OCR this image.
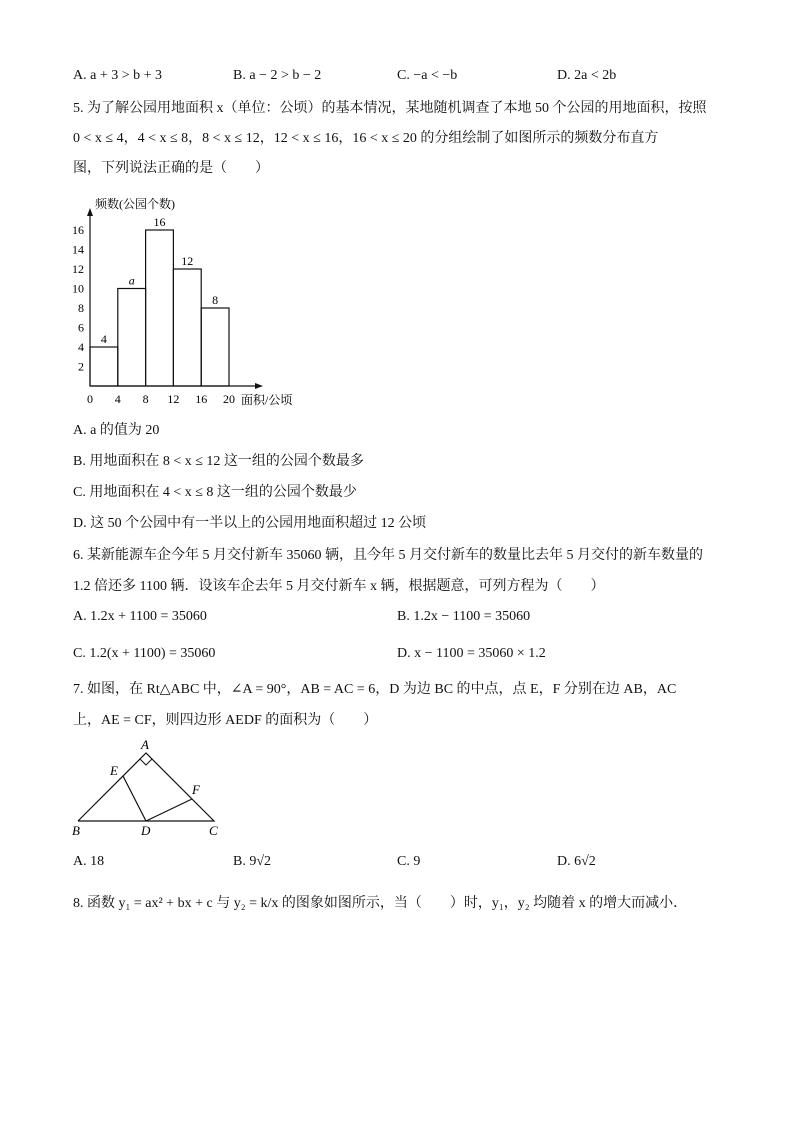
A. a + 3 > b + 3	B. a − 2 > b − 2	C. −a < −b	D. 2a < 2b
5. 为了解公园用地面积 x（单位：公顷）的基本情况，某地随机调查了本地 50 个公园的用地面积，按照
0 < x ≤ 4，4 < x ≤ 8，8 < x ≤ 12，12 < x ≤ 16，16 < x ≤ 20 的分组绘制了如图所示的频数分布直方
图，下列说法正确的是（　　）
4
a
16
12
8
2
4
6
8
10
12
14
16
0 4 8 12 16 20
频数(公园个数)
面积/公顷
A. a 的值为 20
B. 用地面积在 8 < x ≤ 12 这一组的公园个数最多
C. 用地面积在 4 < x ≤ 8 这一组的公园个数最少
D. 这 50 个公园中有一半以上的公园用地面积超过 12 公顷
6. 某新能源车企今年 5 月交付新车 35060 辆，且今年 5 月交付新车的数量比去年 5 月交付的新车数量的
1.2 倍还多 1100 辆．设该车企去年 5 月交付新车 x 辆，根据题意，可列方程为（　　）
A. 1.2x + 1100 = 35060	B. 1.2x − 1100 = 35060
C. 1.2(x + 1100) = 35060	D. x − 1100 = 35060 × 1.2
7. 如图，在 Rt△ABC 中，∠A = 90°，AB = AC = 6，D 为边 BC 的中点，点 E，F 分别在边 AB，AC
上，AE = CF，则四边形 AEDF 的面积为（　　）
A
B	C
D
E
F
A. 18	B. 9√2	C. 9	D. 6√2
8. 函数 y₁ = ax² + bx + c 与 y₂ = k/x 的图象如图所示，当（　　）时，y₁，y₂ 均随着 x 的增大而减小．
